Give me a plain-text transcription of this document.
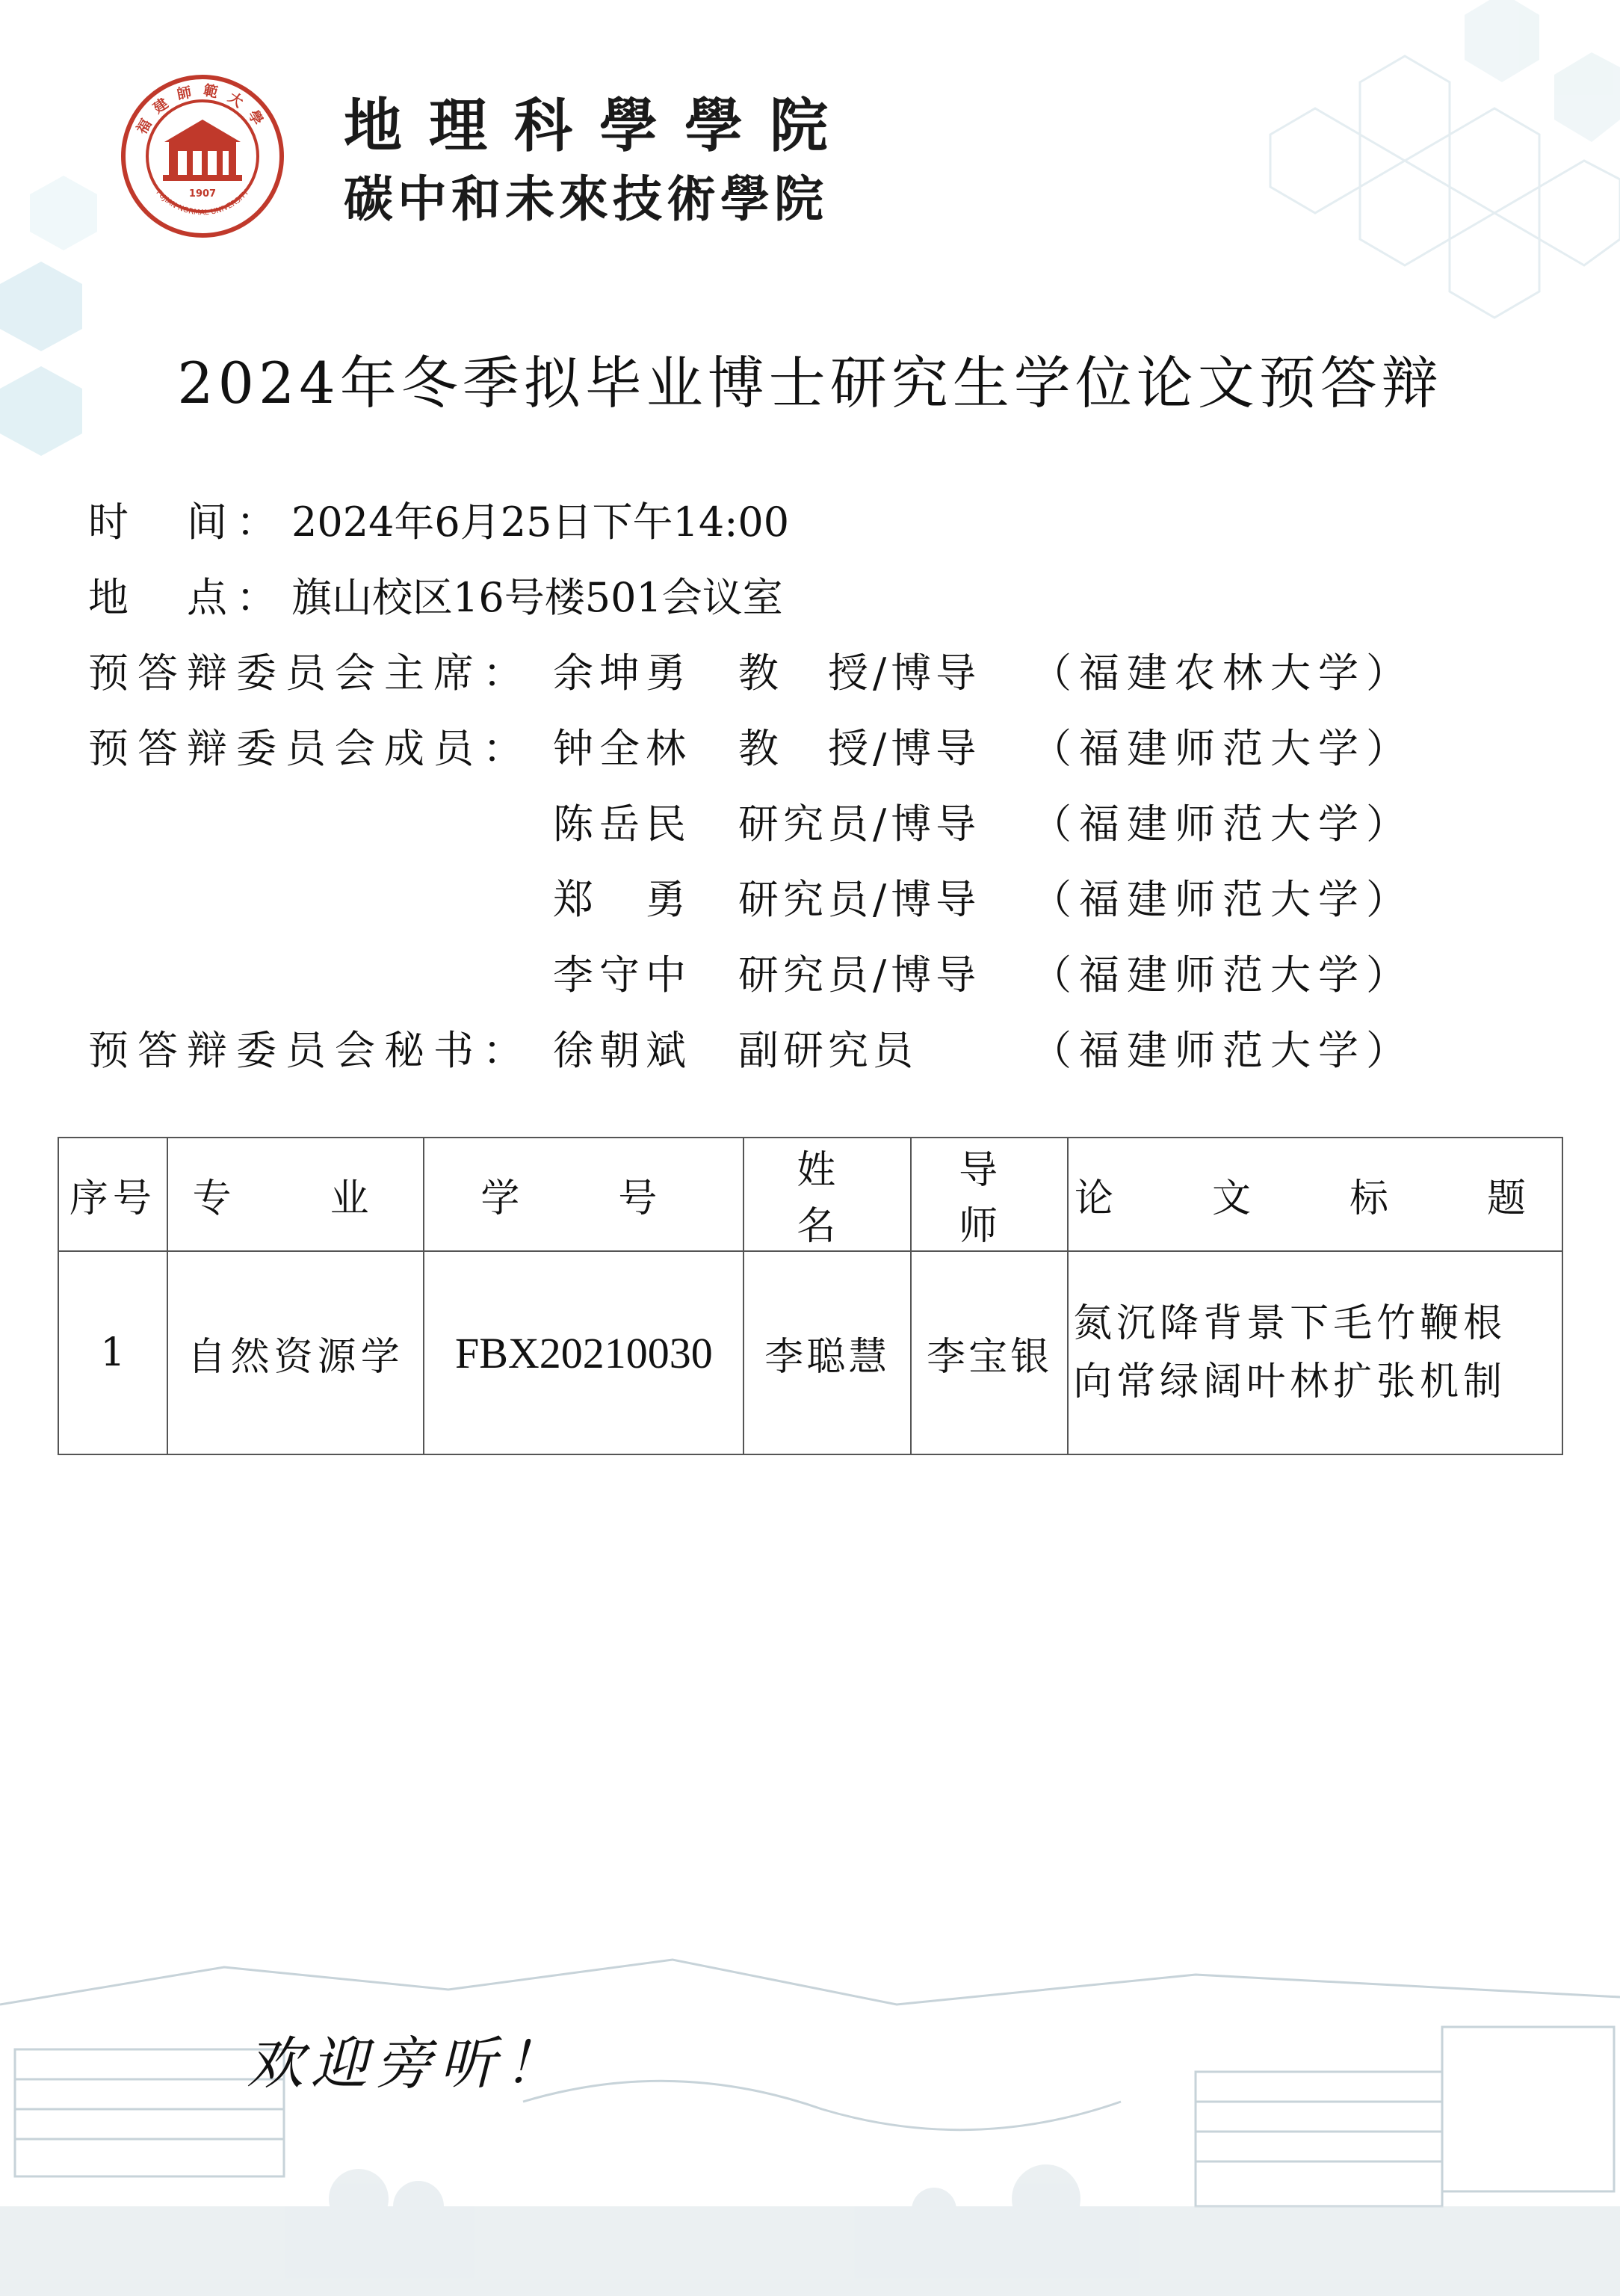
福建師範大學
FUJIAN NORMAL UNIVERSITY
1907
地理科學學院
碳中和未來技術學院
2024年冬季拟毕业博士研究生学位论文预答辩
时　间： 2024年6月25日下午14:00
地　点： 旗山校区16号楼501会议室
预答辩委员会主席： 余坤勇 教　授/博导 （福建农林大学）
预答辩委员会成员： 钟全林 教　授/博导 （福建师范大学）
陈岳民 研究员/博导 （福建师范大学）
郑　勇 研究员/博导 （福建师范大学）
李守中 研究员/博导 （福建师范大学）
预答辩委员会秘书： 徐朝斌 副研究员	（福建师范大学）
序号	专　业	学　号	姓　名	导　师	论　文　标　题
1	自然资源学	FBX20210030	李聪慧	李宝银	氮沉降背景下毛竹鞭根
向常绿阔叶林扩张机制
欢迎旁听！
